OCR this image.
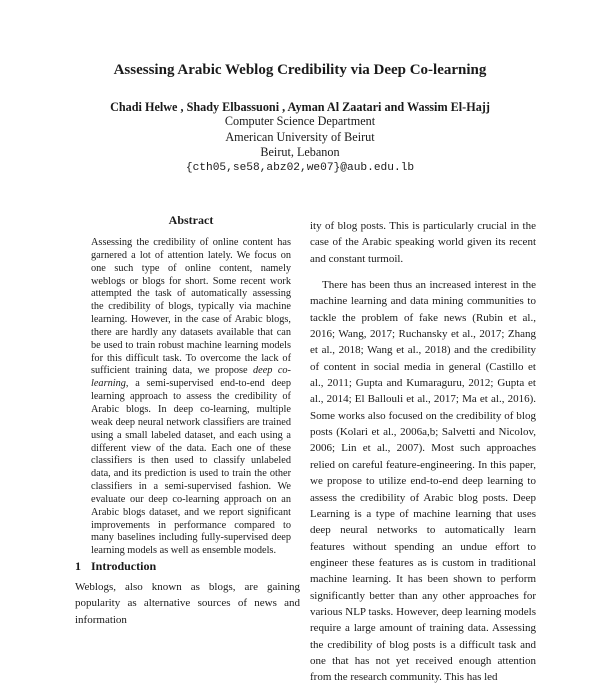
Assessing Arabic Weblog Credibility via Deep Co-learning
Chadi Helwe , Shady Elbassuoni , Ayman Al Zaatari and Wassim El-Hajj
Computer Science Department
American University of Beirut
Beirut, Lebanon
{cth05,se58,abz02,we07}@aub.edu.lb
Abstract
Assessing the credibility of online content has garnered a lot of attention lately. We focus on one such type of online content, namely weblogs or blogs for short. Some recent work attempted the task of automatically assessing the credibility of blogs, typically via machine learning. However, in the case of Arabic blogs, there are hardly any datasets available that can be used to train robust machine learning models for this difficult task. To overcome the lack of sufficient training data, we propose deep co-learning, a semi-supervised end-to-end deep learning approach to assess the credibility of Arabic blogs. In deep co-learning, multiple weak deep neural network classifiers are trained using a small labeled dataset, and each using a different view of the data. Each one of these classifiers is then used to classify unlabeled data, and its prediction is used to train the other classifiers in a semi-supervised fashion. We evaluate our deep co-learning approach on an Arabic blogs dataset, and we report significant improvements in performance compared to many baselines including fully-supervised deep learning models as well as ensemble models.
1 Introduction
Weblogs, also known as blogs, are gaining popularity as alternative sources of news and information

ity of blog posts. This is particularly crucial in the case of the Arabic speaking world given its recent and constant turmoil.

There has been thus an increased interest in the machine learning and data mining communities to tackle the problem of fake news (Rubin et al., 2016; Wang, 2017; Ruchansky et al., 2017; Zhang et al., 2018; Wang et al., 2018) and the credibility of content in social media in general (Castillo et al., 2011; Gupta and Kumaraguru, 2012; Gupta et al., 2014; El Ballouli et al., 2017; Ma et al., 2016). Some works also focused on the credibility of blog posts (Kolari et al., 2006a,b; Salvetti and Nicolov, 2006; Lin et al., 2007). Most such approaches relied on careful feature-engineering. In this paper, we propose to utilize end-to-end deep learning to assess the credibility of Arabic blog posts. Deep Learning is a type of machine learning that uses deep neural networks to automatically learn features without spending an undue effort to engineer these features as is custom in traditional machine learning. It has been shown to perform significantly better than any other approaches for various NLP tasks. However, deep learning models require a large amount of training data. Assessing the credibility of blog posts is a difficult task and one that has not yet received enough attention from the research community. This has led
